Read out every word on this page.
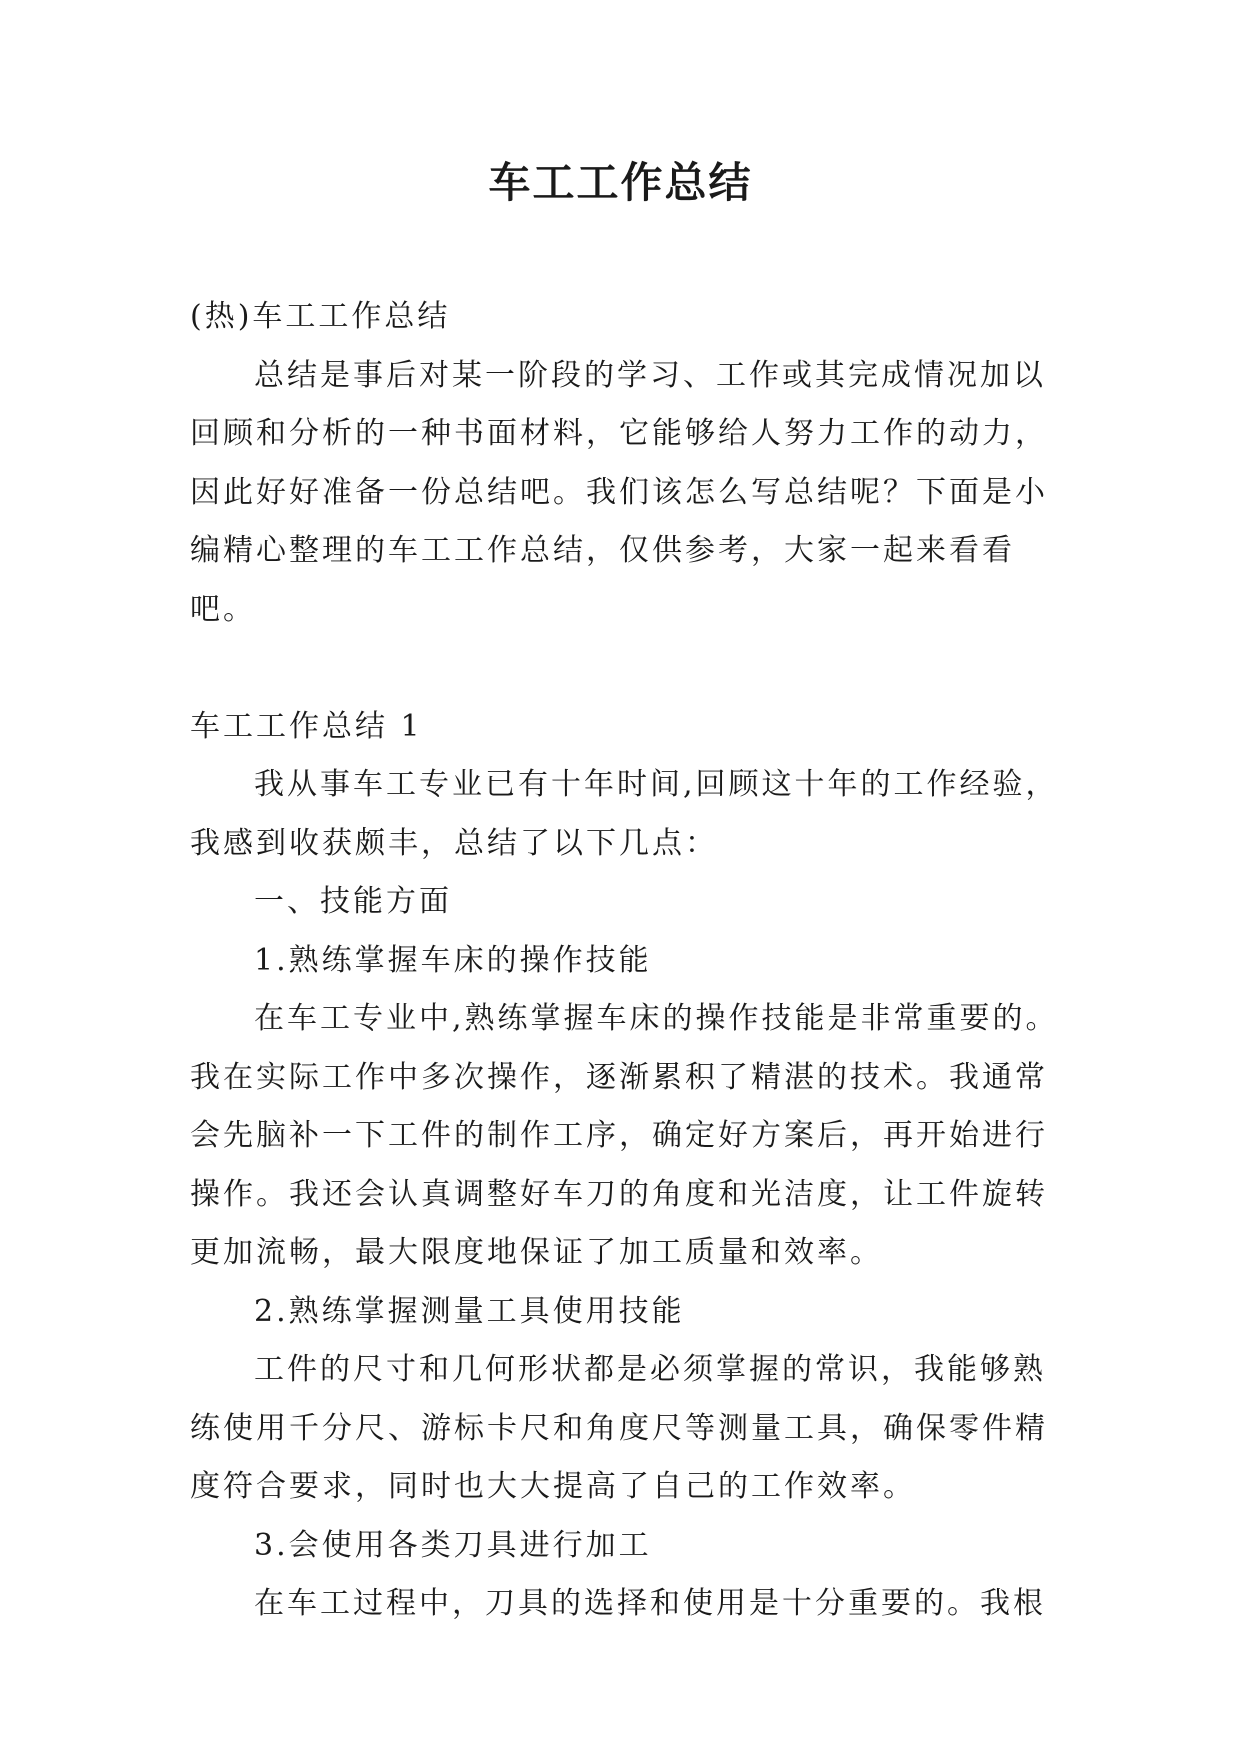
车工工作总结

(热)车工工作总结

总结是事后对某一阶段的学习、工作或其完成情况加以回顾和分析的一种书面材料，它能够给人努力工作的动力，因此好好准备一份总结吧。我们该怎么写总结呢？下面是小编精心整理的车工工作总结，仅供参考，大家一起来看看吧。

车工工作总结 1

我从事车工专业已有十年时间,回顾这十年的工作经验，我感到收获颇丰，总结了以下几点：

一、技能方面

1.熟练掌握车床的操作技能

在车工专业中,熟练掌握车床的操作技能是非常重要的。我在实际工作中多次操作，逐渐累积了精湛的技术。我通常会先脑补一下工件的制作工序，确定好方案后，再开始进行操作。我还会认真调整好车刀的角度和光洁度，让工件旋转更加流畅，最大限度地保证了加工质量和效率。

2.熟练掌握测量工具使用技能

工件的尺寸和几何形状都是必须掌握的常识，我能够熟练使用千分尺、游标卡尺和角度尺等测量工具，确保零件精度符合要求，同时也大大提高了自己的工作效率。

3.会使用各类刀具进行加工

在车工过程中，刀具的选择和使用是十分重要的。我根
